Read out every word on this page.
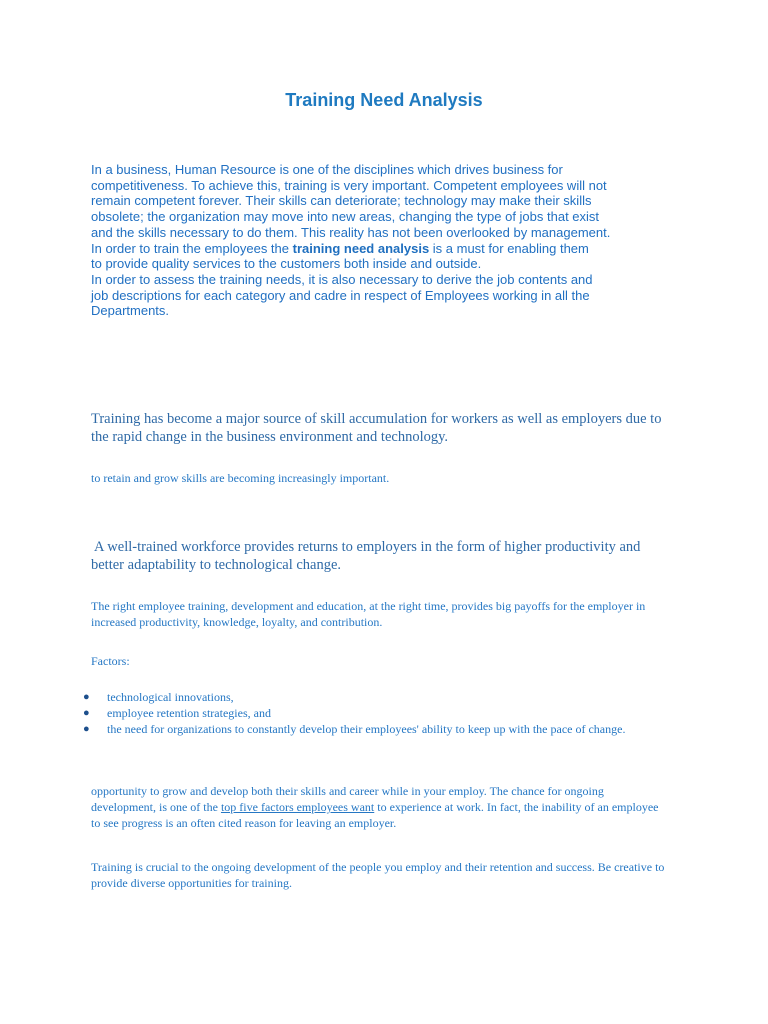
Training Need Analysis
In a business, Human Resource is one of the disciplines which drives business for
competitiveness. To achieve this, training is very important. Competent employees will not
remain competent forever. Their skills can deteriorate; technology may make their skills
obsolete; the organization may move into new areas, changing the type of jobs that exist
and the skills necessary to do them. This reality has not been overlooked by management.
In order to train the employees the training need analysis is a must for enabling them
to provide quality services to the customers both inside and outside.
In order to assess the training needs, it is also necessary to derive the job contents and
job descriptions for each category and cadre in respect of Employees working in all the
Departments.

Training has become a major source of skill accumulation for workers as well as employers due to the rapid change in the business environment and technology.

to retain and grow skills are becoming increasingly important.

A well-trained workforce provides returns to employers in the form of higher productivity and better adaptability to technological change.

The right employee training, development and education, at the right time, provides big payoffs for the employer in increased productivity, knowledge, loyalty, and contribution.

Factors:

● technological innovations,
● employee retention strategies, and
● the need for organizations to constantly develop their employees' ability to keep up with the pace of change.

opportunity to grow and develop both their skills and career while in your employ. The chance for ongoing development, is one of the top five factors employees want to experience at work. In fact, the inability of an employee to see progress is an often cited reason for leaving an employer.

Training is crucial to the ongoing development of the people you employ and their retention and success. Be creative to provide diverse opportunities for training.
